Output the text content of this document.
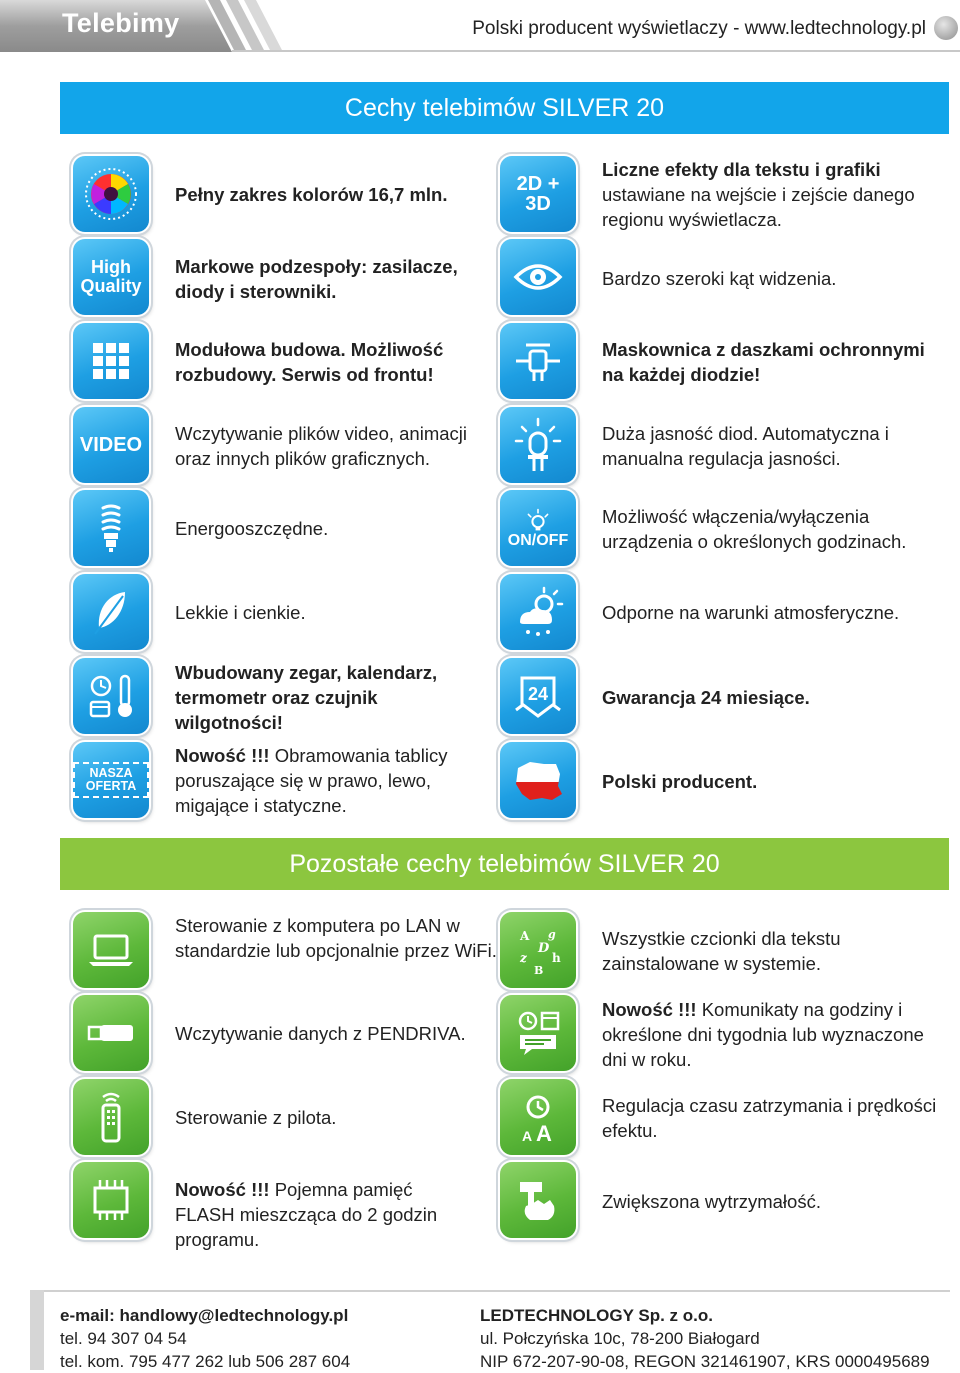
Telebimy	Polski producent wyświetlaczy - www.ledtechnology.pl
Cechy telebimów SILVER 20
Pełny zakres kolorów 16,7 mln.
High Quality
Markowe podzespoły: zasilacze, diody i sterowniki.
Modułowa budowa. Możliwość rozbudowy. Serwis od frontu!
VIDEO Wczytywanie plików video, animacji oraz innych plików graficznych.
Energooszczędne.
Lekkie i cienkie.
Wbudowany zegar, kalendarz, termometr oraz czujnik wilgotności!
NASZA OFERTA
Nowość !!! Obramowania tablicy poruszające się w prawo, lewo, migające i statyczne.
2D + 3D
Liczne efekty dla tekstu i grafiki
ustawiane na wejście i zejście danego regionu wyświetlacza.
Bardzo szeroki kąt widzenia.
Maskownica z daszkami ochronnymi na każdej diodzie!
Duża jasność diod. Automatyczna i manualna regulacja jasności.
ON/OFF
Możliwość włączenia/wyłączenia urządzenia o określonych godzinach.
Odporne na warunki atmosferyczne.
24	Gwarancja 24 miesiące.
Polski producent.
Pozostałe cechy telebimów SILVER 20
Sterowanie z komputera po LAN w standardzie lub opcjonalnie przez WiFi.
Wczytywanie danych z PENDRIVA.
Sterowanie z pilota.
Nowość !!! Pojemna pamięć FLASH mieszcząca do 2 godzin programu.
A g
D
z h
B
Wszystkie czcionki dla tekstu zainstalowane w systemie.
Nowość !!! Komunikaty na godziny i określone dni tygodnia lub wyznaczone dni w roku.
A A
Regulacja czasu zatrzymania i prędkości efektu.
Zwiększona wytrzymałość.
e-mail: handlowy@ledtechnology.pl
tel. 94 307 04 54
tel. kom. 795 477 262 lub 506 287 604
LEDTECHNOLOGY Sp. z o.o.
ul. Połczyńska 10c, 78-200 Białogard
NIP 672-207-90-08, REGON 321461907, KRS 0000495689
